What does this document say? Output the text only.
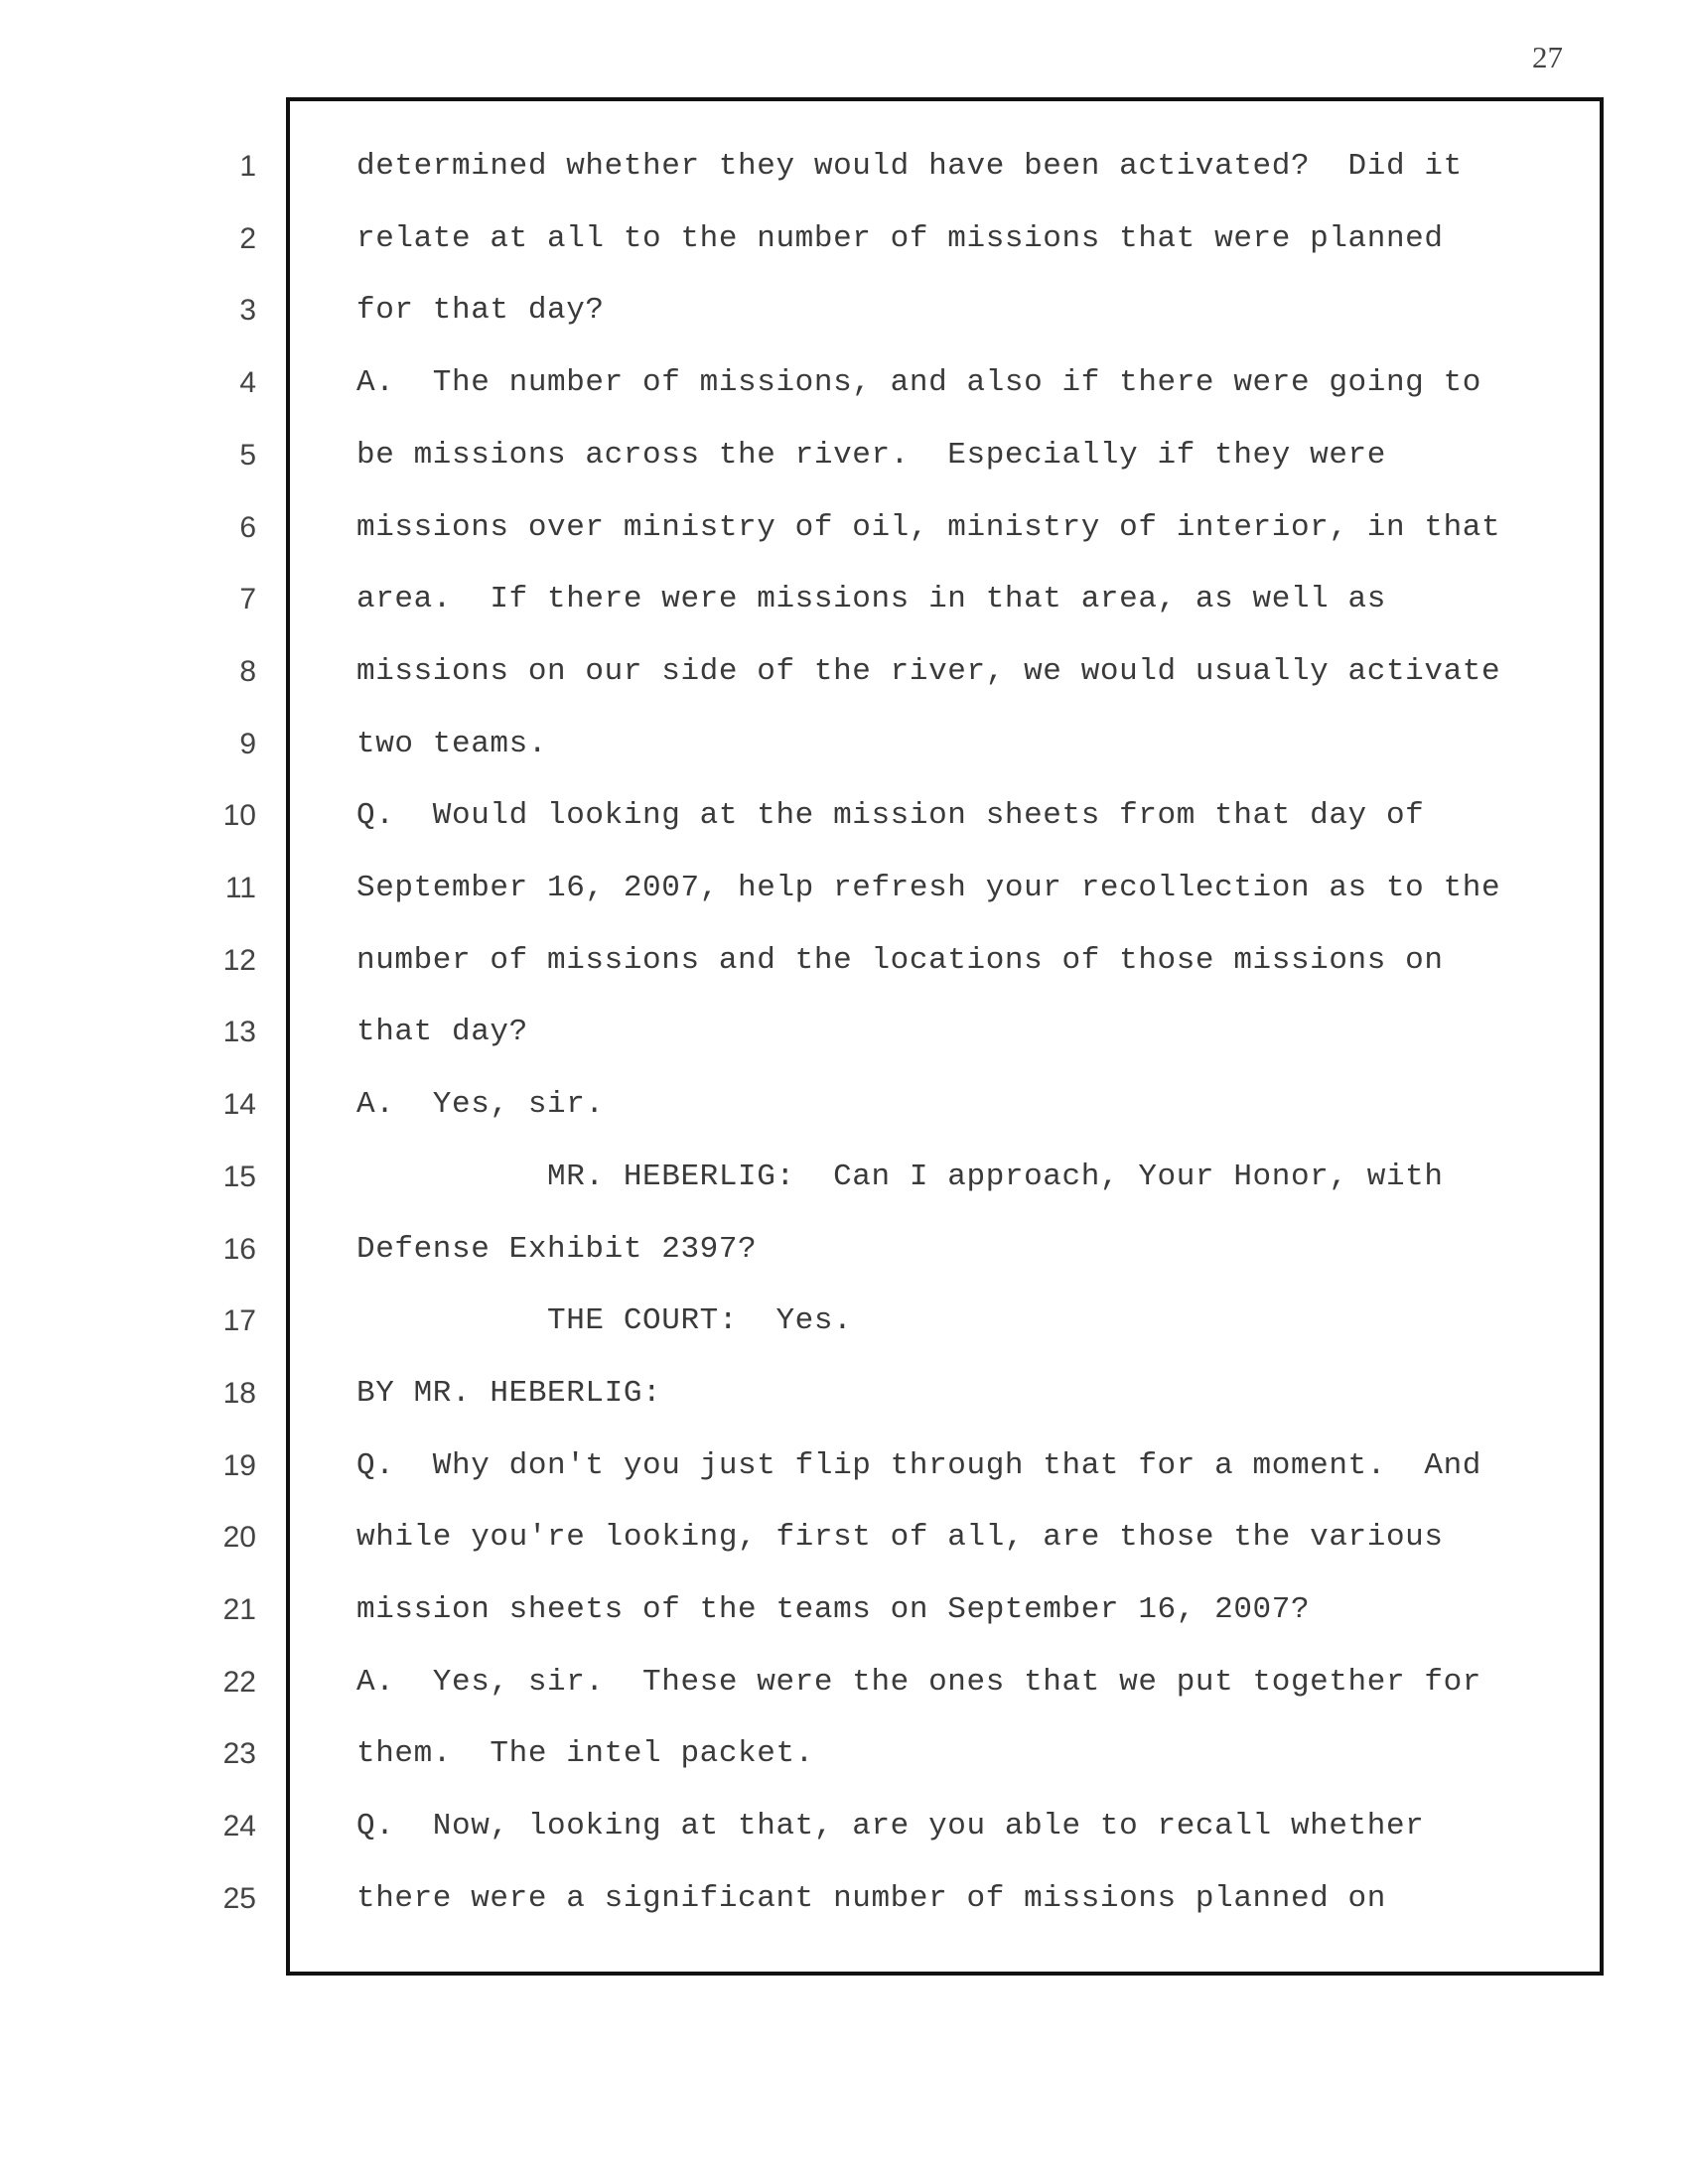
27
1	determined whether they would have been activated?  Did it
2	relate at all to the number of missions that were planned
3	for that day?
4	A.  The number of missions, and also if there were going to
5	be missions across the river.  Especially if they were
6	missions over ministry of oil, ministry of interior, in that
7	area.  If there were missions in that area, as well as
8	missions on our side of the river, we would usually activate
9	two teams.
10	Q.  Would looking at the mission sheets from that day of
11	September 16, 2007, help refresh your recollection as to the
12	number of missions and the locations of those missions on
13	that day?
14	A.  Yes, sir.
15	MR. HEBERLIG:  Can I approach, Your Honor, with
16	Defense Exhibit 2397?
17	THE COURT:  Yes.
18	BY MR. HEBERLIG:
19	Q.  Why don't you just flip through that for a moment.  And
20	while you're looking, first of all, are those the various
21	mission sheets of the teams on September 16, 2007?
22	A.  Yes, sir.  These were the ones that we put together for
23	them.  The intel packet.
24	Q.  Now, looking at that, are you able to recall whether
25	there were a significant number of missions planned on
